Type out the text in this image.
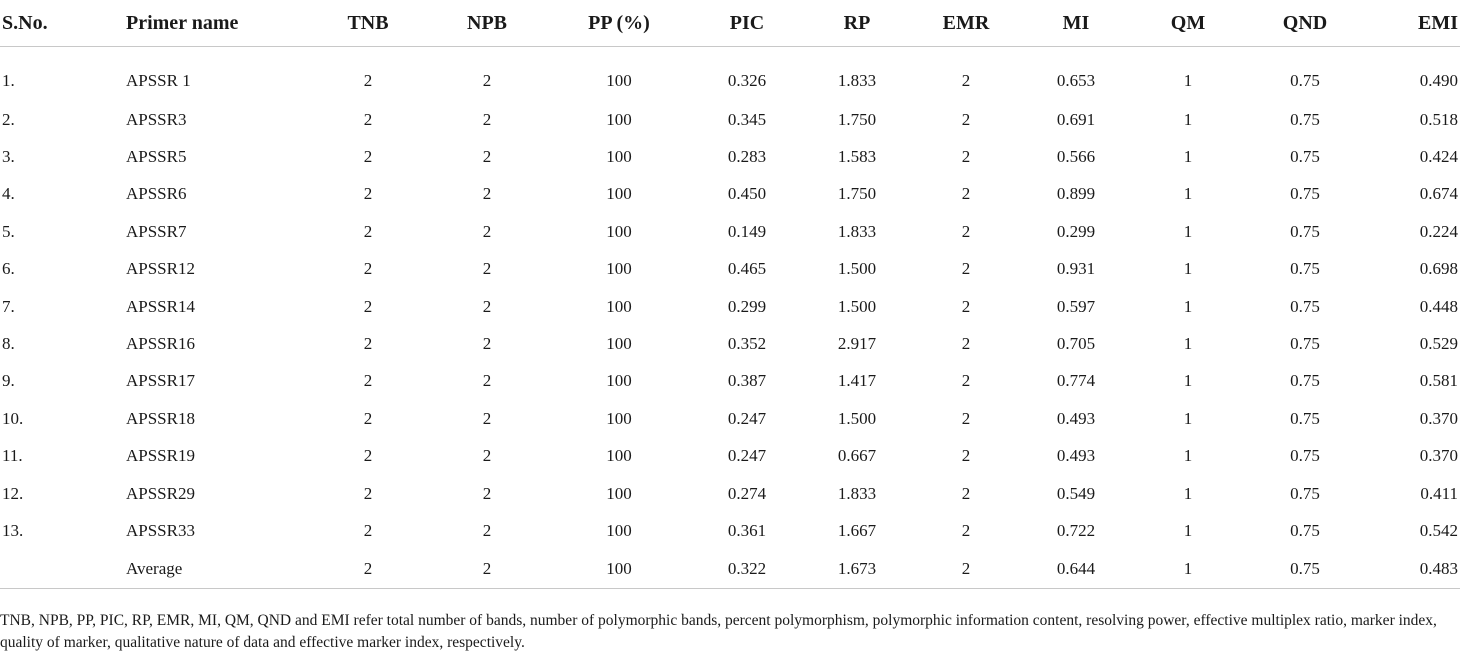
S.No.	Primer name	TNB	NPB	PP (%)	PIC	RP	EMR	MI	QM	QND	EMI
1.	APSSR 1	2	2	100	0.326	1.833	2	0.653	1	0.75	0.490
2.	APSSR3	2	2	100	0.345	1.750	2	0.691	1	0.75	0.518
3.	APSSR5	2	2	100	0.283	1.583	2	0.566	1	0.75	0.424
4.	APSSR6	2	2	100	0.450	1.750	2	0.899	1	0.75	0.674
5.	APSSR7	2	2	100	0.149	1.833	2	0.299	1	0.75	0.224
6.	APSSR12	2	2	100	0.465	1.500	2	0.931	1	0.75	0.698
7.	APSSR14	2	2	100	0.299	1.500	2	0.597	1	0.75	0.448
8.	APSSR16	2	2	100	0.352	2.917	2	0.705	1	0.75	0.529
9.	APSSR17	2	2	100	0.387	1.417	2	0.774	1	0.75	0.581
10.	APSSR18	2	2	100	0.247	1.500	2	0.493	1	0.75	0.370
11.	APSSR19	2	2	100	0.247	0.667	2	0.493	1	0.75	0.370
12.	APSSR29	2	2	100	0.274	1.833	2	0.549	1	0.75	0.411
13.	APSSR33	2	2	100	0.361	1.667	2	0.722	1	0.75	0.542
	Average	2	2	100	0.322	1.673	2	0.644	1	0.75	0.483
TNB, NPB, PP, PIC, RP, EMR, MI, QM, QND and EMI refer total number of bands, number of polymorphic bands, percent polymorphism, polymorphic information content, resolving power, effective multiplex ratio, marker index, quality of marker, qualitative nature of data and effective marker index, respectively.
